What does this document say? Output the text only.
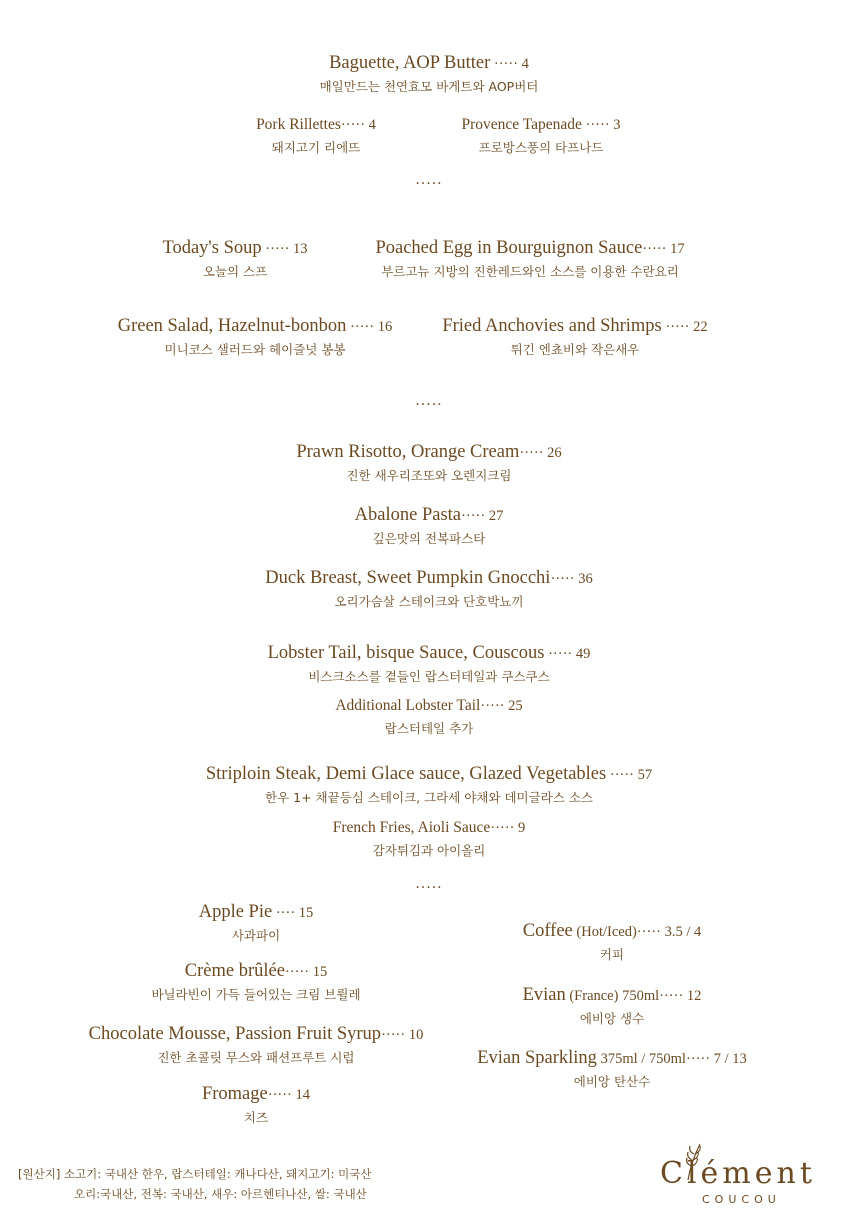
Baguette, AOP Butter ····· 4
매일만드는 천연효모 바게트와 AOP버터
Pork Rillettes····· 4
돼지고기 리에뜨
Provence Tapenade ····· 3
프로방스풍의 타프나드
.....
Today's Soup ····· 13
오늘의 스프
Poached Egg in Bourguignon Sauce····· 17
부르고뉴 지방의 진한레드와인 소스를 이용한 수란요리
Green Salad, Hazelnut-bonbon ····· 16
미니코스 샐러드와 헤이즐넛 봉봉
Fried Anchovies and Shrimps ····· 22
튀긴 엔쵸비와 작은새우
.....
Prawn Risotto, Orange Cream····· 26
진한 새우리조또와 오렌지크림
Abalone Pasta····· 27
깊은맛의 전복파스타
Duck Breast, Sweet Pumpkin Gnocchi····· 36
오리가슴살 스테이크와 단호박뇨끼
Lobster Tail, bisque Sauce, Couscous ····· 49
비스크소스를 곁들인 랍스터테일과 쿠스쿠스
Additional Lobster Tail····· 25
랍스터테일 추가
Striploin Steak, Demi Glace sauce, Glazed Vegetables ····· 57
한우 1+ 채끝등심 스테이크, 그라세 야채와 데미글라스 소스
French Fries, Aioli Sauce····· 9
감자튀김과 아이올리
.....
Apple Pie ···· 15
사과파이
Crème brûlée····· 15
바닐라빈이 가득 들어있는 크림 브륄레
Chocolate Mousse, Passion Fruit Syrup····· 10
진한 초콜릿 무스와 패션프루트 시럽
Fromage····· 14
치즈
Coffee (Hot/Iced)····· 3.5 / 4
커피
Evian (France) 750ml····· 12
에비앙 생수
Evian Sparkling 375ml / 750ml····· 7 / 13
에비앙 탄산수
[원산지] 소고기: 국내산 한우, 랍스터테일: 캐나다산, 돼지고기: 미국산
오리:국내산, 전복: 국내산, 새우: 아르헨티나산, 쌀: 국내산
Clément
COUCOU
